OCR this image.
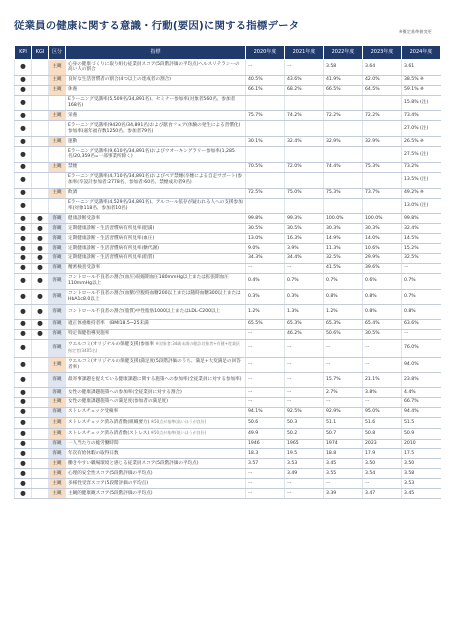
従業員の健康に関する意識・行動(要因)に関する指標データ	※概定基準値変更
KPI	KGI	区分	指標	2020年度	2021年度	2022年度	2023年度	2024年度
●		主観	心身の健康づくりに取り組む従業員スコア(5段階評価の平均点)ヘルスリテラシーの高い人の割合	ー	ー	3.58	3.64	3.61
●		主観	良好な生活習慣者の割合(4つ以上の達成者の割合)	40.5%	43.6%	41.9%	42.0%	38.5% ※
●		主観	休養	66.1%	68.2%	66.5%	64.5%	59.1% ※
●			Eラーニング受講率(5,509名/34,891名)、セミナー参加率(対象者560名、参加者168名)					15.8% (注)
●		主観	栄養	75.7%	74.2%	72.2%	72.2%	73.4%
●			Eラーニング受講率(9420名/34,891名)および献食フェア(体験の発生による習慣化)参加率(嘉年福存数1250名、参加者79名)					27.0% (注)
●		主観	運動	30.1%	32.4%	32.9%	32.9%	26.5% ※
●			Eラーニング受講率(9,610名/34,891名)およびウオーキングラリー参加率(1,285名/20,359名=一部事業所除く)					27.5% (注)
●		主観	禁煙	70.5%	72.0%	74.4%	75.3%	73.2%
●			Eラーニング受講率(4,710名/34,891名)およびペア禁煙(卒煙による自走サポート)参加率(卒設計参加者:2778名、参加者:60名、禁煙成功者9名)					13.5% (注)
●		主観	飲酒	72.5%	75.0%	75.3%	73.7%	49.2% ※
●			Eラーニング受講率(4,529名/34,891名)、アルコール依存が疑われる人への支援参加率(対象118名、参加者10名)					13.0% (注)
●	●	客観	健康診断受診率	99.8%	99.3%	100.0%	100.0%	99.8%
●	●	客観	定期健康診断・生活習慣病有所見率(肥満)	30.5%	30.5%	30.3%	30.3%	32.4%
●	●	客観	定期健康診断・生活習慣病有所見率(血圧)	13.0%	16.3%	14.9%	14.0%	14.5%
●	●	客観	定期健康診断・生活習慣病有所見率(糖代謝)	9.0%	3.9%	11.3%	10.6%	15.2%
●	●	客観	定期健康診断・生活習慣病有所見率(脂質)	34.3%	34.4%	32.5%	29.9%	32.5%
●	●	客観	精密検査受診率	ー	ー	41.5%	39.6%	ー
●	●	客観	コントロール不良者の割合(血圧)収縮期血圧180mmHg以上または拡張期血圧110mmHg以上	0.4%	0.7%	0.7%	0.6%	0.7%
●	●	客観	コントロール不良者の割合(血糖)空腹時血糖200以上または随時血糖300以上またはHbA1c8.0以上	0.3%	0.3%	0.8%	0.8%	0.7%
●	●	客観	コントロール不良者の割合(脂質)中性脂肪1000以上またはLDL-C200以上	1.2%	1.3%	1.2%	0.8%	0.8%
●	●	客観	適正体重維持者率　(BMI18.5~25未満	65.5%	65.3%	65.3%	65.4%	63.6%
●	●	客観	特定保健指導実施率	ー	46.2%	50.6%	30.5%	ー
●		客観	ウエルコミ(オリジナルの保健支援)参加率 ※対象者:34歳未満の健診対象者+有健+産業医指定者(3405名)	ー	ー	ー	ー	76.0%
●		主観	ウエルコミ(オリジナルの保健支援)満足度(5段階評価のうち、満足+大変満足の回答者率)	ー	ー	ー	ー	94.0%
●		客観	最寄事課題を捉えている健康課題に関する施策への参加率(全従業員に対する参加率)	ー	ー	15.7%	21.1%	23.8%
●		客観	女性の健康課題施策への参加率(全従業員に対する割合)	ー	ー	2.7%	3.8%	4.4%
●		主観	女性の健康課題施策への満足度(参加者の満足度)	ー	ー	ー	ー	66.7%
●		客観	ストレスチェック受検率	94.1%	92.5%	92.9%	95.0%	94.4%
●		主観	ストレスチェック済み済者数(組織要力) ※50点が基準(高いほうが良好)	50.6	50.3	51.1	51.6	51.5
●		主観	ストレスチェック済み済者数(ストレス) ※50点が基準(低いほうが良好)	49.9	50.2	50.7	50.8	50.9
●		客観	一人当たりの総労働時間	1946	1965	1974	2023	2010
●		客観	年次有給休暇の取得日数	18.3	19.5	18.8	17.9	17.5
●		主観	働きやすい職場環境と感じる従業員スコア(5段階評価の平均点)	3.57	3.53	3.45	3.50	3.50
●		主観	心理的安全性スコア(5段階評価の平均点)	ー	3.49	3.55	3.54	3.58
●		主観	多様性受容スコア(5段階評価の平均点)	ー	ー	ー	ー	3.53
●		主観	主観的健康観スコア(5段階評価の平均点)	ー	ー	3.39	3.47	3.45
